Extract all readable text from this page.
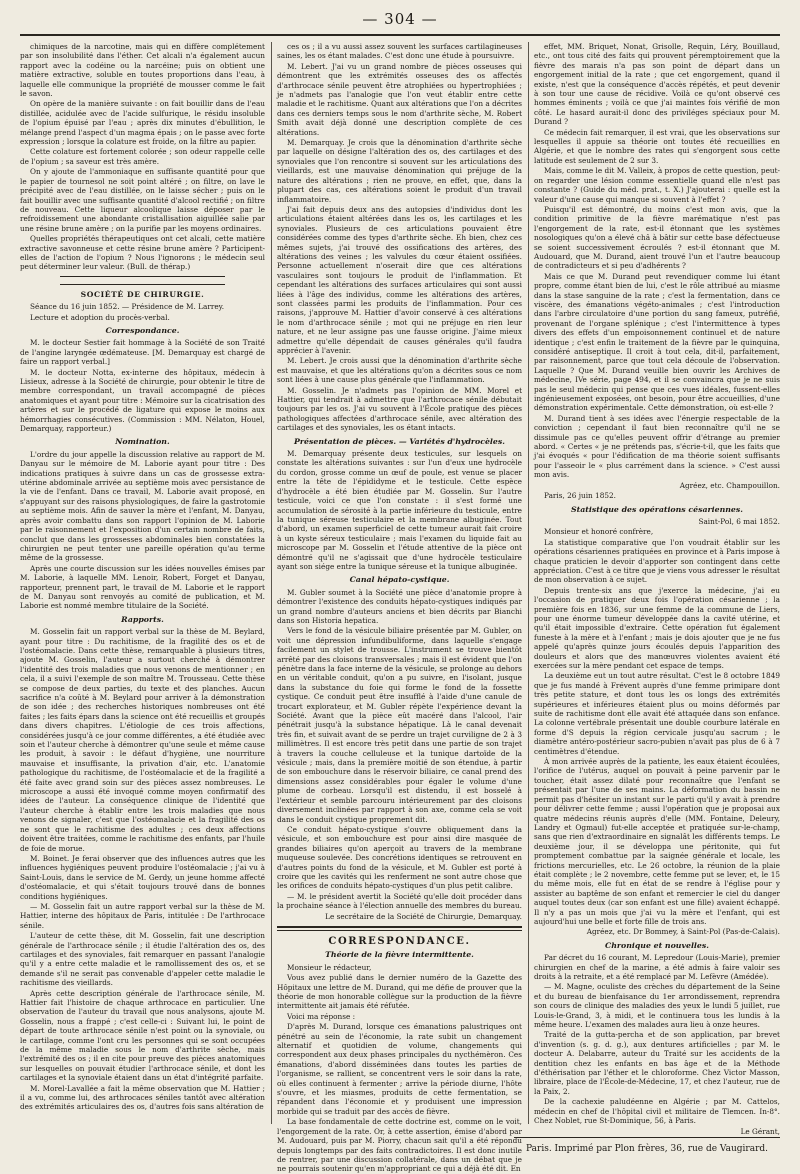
— 304 —

chimiques de la narcotine, mais qui en diffère complétement par son insolubilité dans l'éther. Cet alcali n'a également aucun rapport avec la codéine ou la narcéine; puis on obtient une matière extractive, soluble en toutes proportions dans l'eau, à laquelle elle communique la propriété de mousser comme le fait le savon.

On opère de la manière suivante : on fait bouillir dans de l'eau distillée, acidulée avec de l'acide sulfurique, le résidu insoluble de l'opium épuisé par l'eau ; après dix minutes d'ébullition, le mélange prend l'aspect d'un magma épais ; on le passe avec forte expression ; lorsque la colature est froide, on la filtre au papier.

Cette colature est fortement colorée ; son odeur rappelle celle de l'opium ; sa saveur est très amère.

On y ajoute de l'ammoniaque en suffisante quantité pour que le papier de tournesol ne soit point altéré ; on filtre, on lave le précipité avec de l'eau distillée, on le laisse sécher ; puis on le fait bouillir avec une suffisante quantité d'alcool rectifié ; on filtre de nouveau. Cette liqueur alcoolique laisse déposer par le refroidissement une abondante cristallisation aiguillée salie par une résine brune amère ; on la purifie par les moyens ordinaires.

Quelles propriétés thérapeutiques ont cet alcali, cette matière extractive savonneuse et cette résine brune amère ? Participent-elles de l'action de l'opium ? Nous l'ignorons ; le médecin seul peut déterminer leur valeur. (Bull. de thérap.)

SOCIÉTÉ DE CHIRURGIE.

Séance du 16 juin 1852. — Présidence de M. Larrey.

Lecture et adoption du procès-verbal.

Correspondance.

M. le docteur Sestier fait hommage à la Société de son Traité de l'angine laryngée œdémateuse. [M. Demarquay est chargé de faire un rapport verbal.]

M. le docteur Notta, ex-interne des hôpitaux, médecin à Lisieux, adresse à la Société de chirurgie, pour obtenir le titre de membre correspondant, un travail accompagné de pièces anatomiques et ayant pour titre : Mémoire sur la cicatrisation des artères et sur le procédé de ligature qui expose le moins aux hémorrhagies consécutives. (Commission : MM. Nélaton, Houel, Demarquay, rapporteur.)

Nomination.

L'ordre du jour appelle la discussion relative au rapport de M. Danyau sur le mémoire de M. Laborie ayant pour titre : Des indications pratiques à suivre dans un cas de grossesse extra-utérine abdominale arrivée au septième mois avec persistance de la vie de l'enfant. Dans ce travail, M. Laborie avait proposé, en s'appuyant sur des raisons physiologiques, de faire la gastrotomie au septième mois. Afin de sauver la mère et l'enfant, M. Danyau, après avoir combattu dans son rapport l'opinion de M. Laborie par le raisonnement et l'exposition d'un certain nombre de faits, conclut que dans les grossesses abdominales bien constatées la chirurgien ne peut tenter une pareille opération qu'au terme même de la grossesse.

Après une courte discussion sur les idées nouvelles émises par M. Laborie, à laquelle MM. Lenoir, Robert, Forget et Danyau, rapporteur, prennent part, le travail de M. Laborie et le rapport de M. Danyau sont renvoyés au comité de publication, et M. Laborie est nommé membre titulaire de la Société.

Rapports.

M. Gosselin fait un rapport verbal sur la thèse de M. Beylard, ayant pour titre : Du rachitisme, de la fragilité des os et de l'ostéomalacie. Dans cette thèse, remarquable à plusieurs titres, ajoute M. Gosselin, l'auteur a surtout cherché à démontrer l'identité des trois maladies que nous venons de mentionner ; en cela, il a suivi l'exemple de son maître M. Trousseau. Cette thèse se compose de deux parties, du texte et des planches. Aucun sacrifice n'a coûté à M. Beylard pour arriver à la démonstration de son idée ; des recherches historiques nombreuses ont été faites ; les faits épars dans la science ont été recueillis et groupés dans divers chapitres. L'étiologie de ces trois affections, considérées jusqu'à ce jour comme différentes, a été étudiée avec soin et l'auteur cherche à démontrer qu'une seule et même cause les produit, à savoir : le défaut d'hygiène, une nourriture mauvaise et insuffisante, la privation d'air, etc. L'anatomie pathologique du rachitisme, de l'ostéomalacie et de la fragilité a été faite avec grand soin sur des pièces assez nombreuses. Le microscope a aussi été invoqué comme moyen confirmatif des idées de l'auteur. La conséquence clinique de l'identité que l'auteur cherche à établir entre les trois maladies que nous venons de signaler, c'est que l'ostéomalacie et la fragilité des os ne sont que le rachitisme des adultes ; ces deux affections doivent être traitées, comme le rachitisme des enfants, par l'huile de foie de morue.

M. Boinet. Je ferai observer que des influences autres que les influences hygiéniques peuvent produire l'ostéomalacie ; j'ai vu à Saint-Louis, dans le service de M. Gerdy, un jeune homme affecté d'ostéomalacie, et qui s'était toujours trouvé dans de bonnes conditions hygiéniques.

— M. Gosselin fait un autre rapport verbal sur la thèse de M. Hattier, interne des hôpitaux de Paris, intitulée : De l'arthrocace sénile.

L'auteur de cette thèse, dit M. Gosselin, fait une description générale de l'arthrocace sénile ; il étudie l'altération des os, des cartilages et des synoviales, fait remarquer en passant l'analogie qu'il y a entre cette maladie et le ramollissement des os, et se demande s'il ne serait pas convenable d'appeler cette maladie le rachitisme des vieillards.

Après cette description générale de l'arthrocace sénile, M. Hattier fait l'histoire de chaque arthrocace en particulier. Une observation de l'auteur du travail que nous analysons, ajoute M. Gosselin, nous a frappé ; c'est celle-ci : Suivant lui, le point de départ de toute arthrocace sénile n'est point ou la synoviale, ou le cartilage, comme l'ont cru les personnes qui se sont occupées de la même maladie sous le nom d'arthrite sèche, mais l'extrémité des os ; il en cite pour preuve des pièces anatomiques sur lesquelles on pouvait étudier l'arthrocace sénile, et dont les cartilages et la synoviale étaient dans un état d'intégrité parfaite.

M. Morel-Lavallée a fait la même observation que M. Hattier ; il a vu, comme lui, des arthrocaces séniles tantôt avec altération des extrémités articulaires des os, d'autres fois sans altération de

ces os ; il a vu aussi assez souvent les surfaces cartilagineuses saines, les os étant malades. C'est donc une étude à poursuivre.

M. Lebert. J'ai vu un grand nombre de pièces osseuses qui démontrent que les extrémités osseuses des os affectés d'arthrocace sénile peuvent être atrophiées ou hypertrophiées ; je n'admets pas l'analogie que l'on veut établir entre cette maladie et le rachitisme. Quant aux altérations que l'on a décrites dans ces derniers temps sous le nom d'arthrite sèche, M. Robert Smith avait déjà donné une description complète de ces altérations.

M. Demarquay. Je crois que la dénomination d'arthrite sèche par laquelle on désigne l'altération des os, des cartilages et des synoviales que l'on rencontre si souvent sur les articulations des vieillards, est une mauvaise dénomination qui préjuge de la nature des altérations ; rien ne prouve, en effet, que, dans la plupart des cas, ces altérations soient le produit d'un travail inflammatoire.

J'ai fait depuis deux ans des autopsies d'individus dont les articulations étaient altérées dans les os, les cartilages et les synoviales. Plusieurs de ces articulations pouvaient être considérées comme des types d'arthrite sèche. Eh bien, chez ces mêmes sujets, j'ai trouvé des ossifications des artères, des altérations des veines ; les valvules du cœur étaient ossifiées. Personne actuellement n'oserait dire que ces altérations vasculaires sont toujours le produit de l'inflammation. Et cependant les altérations des surfaces articulaires qui sont aussi liées à l'âge des individus, comme les altérations des artères, sont classées parmi les produits de l'inflammation. Pour ces raisons, j'approuve M. Hattier d'avoir conservé à ces altérations le nom d'arthrocace sénile ; mot qui ne préjuge en rien leur nature, et ne leur assigne pas une fausse origine. J'aime mieux admettre qu'elle dépendait de causes générales qu'il faudra apprécier à l'avenir.

M. Lebert. Je crois aussi que la dénomination d'arthrite sèche est mauvaise, et que les altérations qu'on a décrites sous ce nom sont liées à une cause plus générale que l'inflammation.

M. Gosselin. Je n'admets pas l'opinion de MM. Morel et Hattier, qui tendrait à admettre que l'arthrocace sénile débutait toujours par les os. J'ai vu souvent à l'École pratique des pièces pathologiques affectées d'arthrocace sénile, avec altération des cartilages et des synoviales, les os étant intacts.

Présentation de pièces. — Variétés d'hydrocèles.

M. Demarquay présente deux testicules, sur lesquels on constate les altérations suivantes : sur l'un d'eux une hydrocèle du cordon, grosse comme un œuf de poule, est venue se placer entre la tête de l'épididyme et le testicule. Cette espèce d'hydrocèle a été bien étudiée par M. Gosselin. Sur l'autre testicule, voici ce que l'on constate : il s'est formé une accumulation de sérosité à la partie inférieure du testicule, entre la tunique séreuse testiculaire et la membrane albuginée. Tout d'abord, un examen superficiel de cette tumeur aurait fait croire à un kyste séreux testiculaire ; mais l'examen du liquide fait au microscope par M. Gosselin et l'étude attentive de la pièce ont démontré qu'il ne s'agissait que d'une hydrocèle testiculaire ayant son siége entre la tunique séreuse et la tunique albuginée.

Canal hépato-cystique.

M. Gubler soumet à la Société une pièce d'anatomie propre à démontrer l'existence des conduits hépato-cystiques indiqués par un grand nombre d'auteurs anciens et bien décrits par Bianchi dans son Historia hepatica.

Vers le fond de la vésicule biliaire présentée par M. Gubler, on voit une dépression infundibuliforme, dans laquelle s'engage facilement un stylet de trousse. L'instrument se trouve bientôt arrêté par des cloisons transversales ; mais il est évident que l'on pénètre dans la face interne de la vésicule, se prolonge au dehors en un véritable conduit, qu'on a pu suivre, en l'isolant, jusque dans la substance du foie qui forme le fond de la fossette cystique. Ce conduit peut être insufflé à l'aide d'une canule de trocart explorateur, et M. Gubler répète l'expérience devant la Société. Avant que la pièce eût macéré dans l'alcool, l'air pénétrait jusqu'à la substance hépatique. Là le canal devenait très fin, et suivait avant de se perdre un trajet curviligne de 2 à 3 millimètres. Il est encore très petit dans une partie de son trajet à travers la couche celluleuse et la tunique dartoïde de la vésicule ; mais, dans la première moitié de son étendue, à partir de son embouchure dans le réservoir biliaire, ce canal prend des dimensions assez considérables pour égaler le volume d'une plume de corbeau. Lorsqu'il est distendu, il est bosselé à l'extérieur et semble parcouru intérieurement par des cloisons diversement inclinées par rapport à son axe, comme cela se voit dans le conduit cystique proprement dit.

Ce conduit hépato-cystique s'ouvre obliquement dans la vésicule, et son embouchure est pour ainsi dire masquée de grandes biliaires qu'on aperçoit au travers de la membrane muqueuse soulevée. Des concrétions identiques se retrouvent en d'autres points du fond de la vésicule, et M. Gubler est porté à croire que les cavités qui les renferment ne sont autre chose que les orifices de conduits hépato-cystiques d'un plus petit calibre.

— M. le président avertit la Société qu'elle doit procéder dans la prochaine séance à l'élection annuelle des membres du bureau.

Le secrétaire de la Société de Chirurgie, Demarquay.

CORRESPONDANCE.

Théorie de la fièvre intermittente.

Monsieur le rédacteur,

Vous avez publié dans le dernier numéro de la Gazette des Hôpitaux une lettre de M. Durand, qui me défie de prouver que la théorie de mon honorable collègue sur la production de la fièvre intermittente ait jamais été réfutée.

Voici ma réponse :

D'après M. Durand, lorsque ces émanations palustriques ont pénétré au sein de l'économie, la rate subit un changement alternatif et quotidien de volume, changements qui correspondent aux deux phases principales du nycthémèron. Ces émanations, d'abord disséminées dans toutes les parties de l'organisme, se rallient, se concentrent vers le soir dans la rate, où elles continuent à fermenter ; arrive la période diurne, l'hôte s'ouvre, et les miasmes, produits de cette fermentation, se répandent dans l'économie et y produisent une impression morbide qui se traduit par des accès de fièvre.

La base fondamentale de cette doctrine est, comme on le voit, l'engorgement de la rate. Or, à cette assertion, émise d'abord par M. Audouard, puis par M. Piorry, chacun sait qu'il a été répondu depuis longtemps par des faits contradictoires. Il est donc inutile de rentrer, par une discussion collatérale, dans un débat que je ne pourrais soutenir qu'en m'appropriant ce qui a déjà été dit. En

effet, MM. Briquet, Nonat, Grisolle, Requin, Léry, Bouillaud, etc., ont tous cité des faits qui prouvent péremptoirement que la fièvre des marais n'a pas son point de départ dans un engorgement initial de la rate ; que cet engorgement, quand il existe, n'est que la conséquence d'accès répétés, et peut devenir à son tour une cause de récidive. Voilà ce qu'ont observé ces hommes éminents ; voilà ce que j'ai maintes fois vérifié de mon côté. Le hasard aurait-il donc des priviléges spéciaux pour M. Durand ?

Ce médecin fait remarquer, il est vrai, que les observations sur lesquelles il appuie sa théorie ont toutes été recueillies en Algérie, et que le nombre des rates qui s'engorgent sous cette latitude est seulement de 2 sur 3.

Mais, comme le dit M. Valleix, à propos de cette question, peut-on regarder une lésion comme essentielle quand elle n'est pas constante ? (Guide du méd. prat., t. X.) J'ajouterai : quelle est la valeur d'une cause qui manque si souvent à l'effet ?

Puisqu'il est démontré, du moins c'est mon avis, que la condition primitive de la fièvre marématique n'est pas l'engorgement de la rate, est-il étonnant que les systèmes nosologiques qu'on a élevé châ à bâtir sur cette base défectueuse se soient successivement écroulés ? est-il étonnant que M. Audouard, que M. Durand, aient trouvé l'un et l'autre beaucoup de contradicteurs et si peu d'adhérents ?

Mais ce que M. Durand peut revendiquer comme lui étant propre, comme étant bien de lui, c'est le rôle attribué au miasme dans la stase sanguine de la rate ; c'est la fermentation, dans ce viscère, des émanations végéto-animales ; c'est l'introduction dans l'arbre circulatoire d'une portion du sang fameux, putréfié, provenant de l'organe splénique ; c'est l'intermittence à types divers des effets d'un empoisonnement continuel et de nature identique ; c'est enfin le traitement de la fièvre par le quinquina, considéré antiseptique. Il croit à tout cela, dit-il, parfaitement, par raisonnement, parce que tout cela découle de l'observation. Laquelle ? Que M. Durand veuille bien ouvrir les Archives de médecine, IVe série, page 494, et il se convaincra que je ne suis pas le seul médecin qui pense que ces vues idéales, fussent-elles ingénieusement exposées, ont besoin, pour être accueillies, d'une démonstration expérimentale. Cette démonstration, où est-elle ?

M. Durand tient à ses idées avec l'énergie respectable de la conviction ; cependant il faut bien reconnaître qu'il ne se dissimule pas ce qu'elles peuvent offrir d'étrange au premier abord. « Certes « je ne prétends pas, s'écrie-t-il, que les faits que j'ai évoqués « pour l'édification de ma théorie soient suffisants pour l'asseoir le « plus carrément dans la science. » C'est aussi mon avis.

Agréez, etc. Champouillon.

Paris, 26 juin 1852.

Statistique des opérations césariennes.

Saint-Pol, 6 mai 1852.

Monsieur et honoré confrère,

La statistique comparative que l'on voudrait établir sur les opérations césariennes pratiquées en province et à Paris impose à chaque praticien le devoir d'apporter son contingent dans cette appréciation. C'est à ce titre que je viens vous adresser le résultat de mon observation à ce sujet.

Depuis trente-six ans que j'exerce la médecine, j'ai eu l'occasion de pratiquer deux fois l'opération césarienne ; la première fois en 1836, sur une femme de la commune de Liers, pour une énorme tumeur développée dans la cavité utérine, et qu'il était impossible d'extraire. Cette opération fut également funeste à la mère et à l'enfant ; mais je dois ajouter que je ne fus appelé qu'après quinze jours écoulés depuis l'apparition des douleurs et alors que des manœuvres violentes avaient été exercées sur la mère pendant cet espace de temps.

La deuxième eut un tout autre résultat. C'est le 8 octobre 1849 que je fus mandé à Frévent auprès d'une femme primipare dont très petite stature, et dont tous les os longs des extrémités supérieures et inférieures étaient plus ou moins déformés par suite de rachitisme dont elle avait été attaquée dans son enfance. La colonne vertébrale présentait une double courbure latérale en forme d'S depuis la région cervicale jusqu'au sacrum ; le diamètre antéro-postérieur sacro-pubien n'avait pas plus de 6 à 7 centimètres d'étendue.

À mon arrivée auprès de la patiente, les eaux étaient écoulées, l'orifice de l'utérus, auquel on pouvait à peine parvenir par le toucher, était assez dilaté pour reconnaître que l'enfant se présentait par l'une de ses mains. La déformation du bassin ne permit pas d'hésiter un instant sur le parti qu'il y avait à prendre pour délivrer cette femme ; aussi l'opération que je proposai aux quatre médecins réunis auprès d'elle (MM. Fontaine, Deleury, Landry et Ogmaul) fut-elle acceptée et pratiquée sur-le-champ, sans que rien d'extraordinaire en signalât les différents temps. Le deuxième jour, il se développa une péritonite, qui fut promptement combattue par la saignée générale et locale, les frictions mercurielles, etc. Le 26 octobre, la réunion de la plaie était complète ; le 2 novembre, cette femme put se lever, et, le 15 du même mois, elle fut en état de se rendre à l'église pour y assister au baptême de son enfant et remercier le ciel du danger auquel toutes deux (car son enfant est une fille) avaient échappé. Il n'y a pas un mois que j'ai vu la mère et l'enfant, qui est aujourd'hui une belle et forte fille de trois ans.

Agréez, etc. Dr Bommey, à Saint-Pol (Pas-de-Calais).

Chronique et nouvelles.

Par décret du 16 courant, M. Lepredour (Louis-Marie), premier chirurgien en chef de la marine, a été admis à faire valoir ses droits à la retraite, et a été remplacé par M. Lefèvre (Amédée).

— M. Magne, oculiste des crèches du département de la Seine et du bureau de bienfaisance du 1er arrondissement, reprendra son cours de clinique des maladies des yeux le lundi 5 juillet, rue Louis-le-Grand, 3, à midi, et le continuera tous les lundis à la même heure. L'examen des malades aura lieu à onze heures.

Traité de la gutta-percha et de son application, par brevet d'invention (s. g. d. g.), aux dentures artificielles ; par M. le docteur A. Delabarre, auteur du Traité sur les accidents de la dentition chez les enfants en bas âge et de la Méthode d'éthérisation par l'éther et le chloroforme. Chez Victor Masson, libraire, place de l'École-de-Médecine, 17, et chez l'auteur, rue de la Paix, 2.

De la cachexie paludéenne en Algérie ; par M. Cattelos, médecin en chef de l'hôpital civil et militaire de Tlemcen. In-8°. Chez Noblet, rue St-Dominique, 56, à Paris.

Le Gérant,

Paris. Imprimé par Plon frères, 36, rue de Vaugirard.
